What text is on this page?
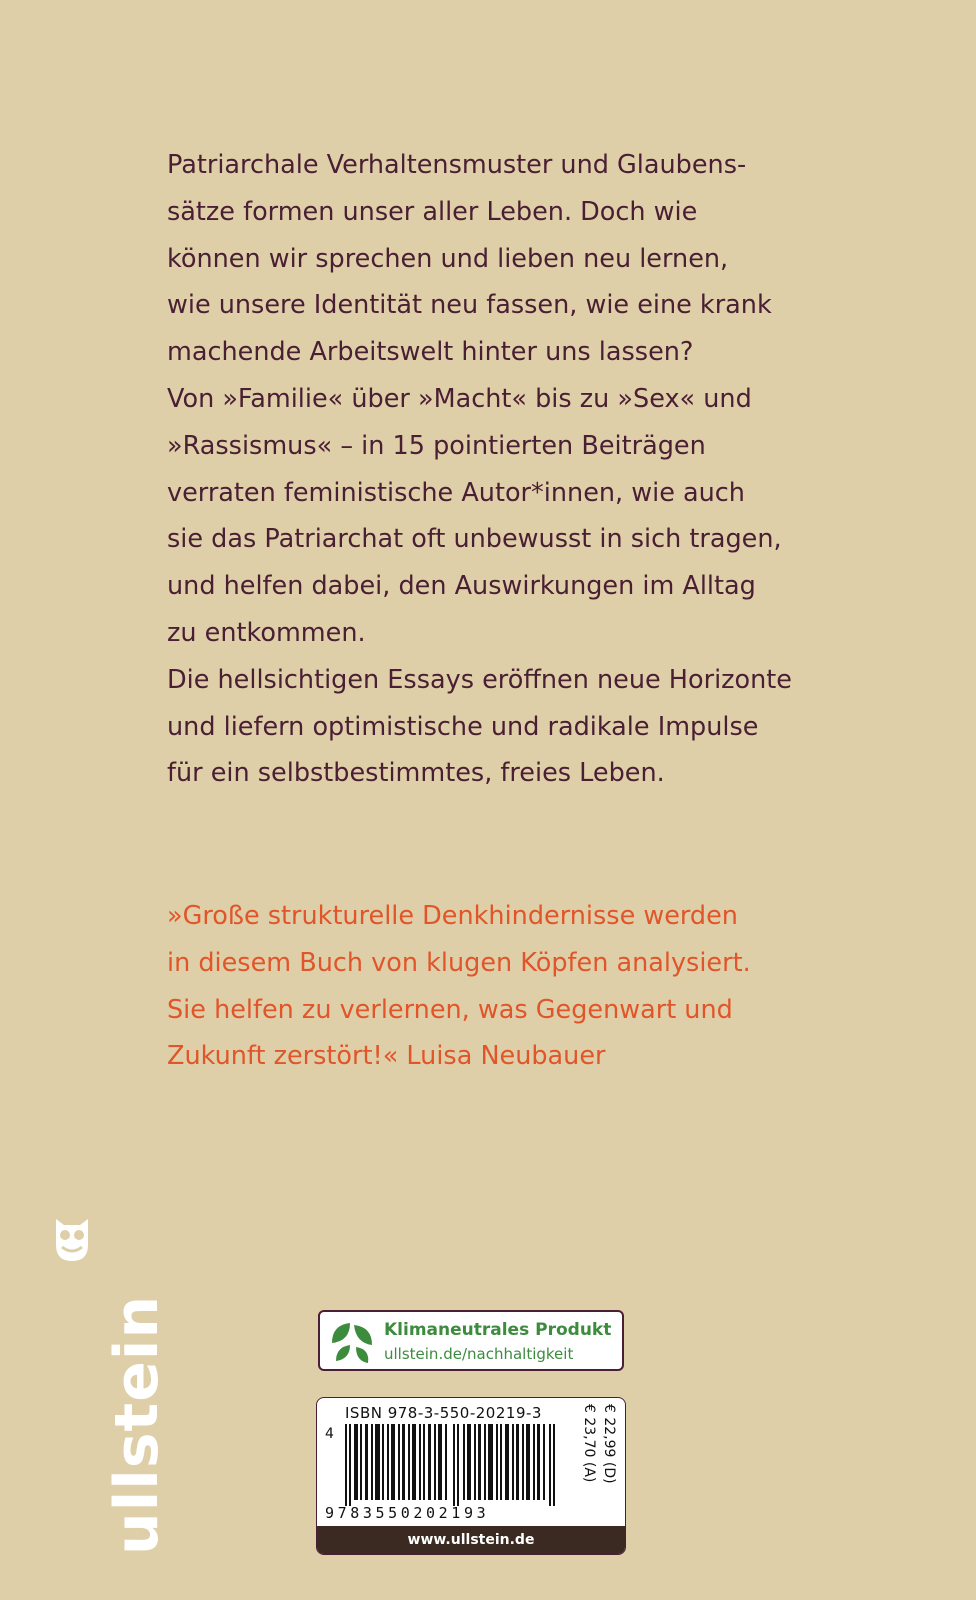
Patriarchale Verhaltensmuster und Glaubens-
sätze formen unser aller Leben. Doch wie
können wir sprechen und lieben neu lernen,
wie unsere Identität neu fassen, wie eine krank
machende Arbeitswelt hinter uns lassen?
Von »Familie« über »Macht« bis zu »Sex« und
»Rassismus« – in 15 pointierten Beiträgen
verraten feministische Autor*innen, wie auch
sie das Patriarchat oft unbewusst in sich tragen,
und helfen dabei, den Auswirkungen im Alltag
zu entkommen.
Die hellsichtigen Essays eröffnen neue Horizonte
und liefern optimistische und radikale Impulse
für ein selbstbestimmtes, freies Leben.
»Große strukturelle Denkhindernisse werden
in diesem Buch von klugen Köpfen analysiert.
Sie helfen zu verlernen, was Gegenwart und
Zukunft zerstört!« Luisa Neubauer
ullstein	Klimaneutrales Produkt
ullstein.de/nachhaltigkeit
ISBN 978-3-550-20219-3
4
9783550202193
€ 22,99 (D)
€ 23,70 (A)
www.ullstein.de
